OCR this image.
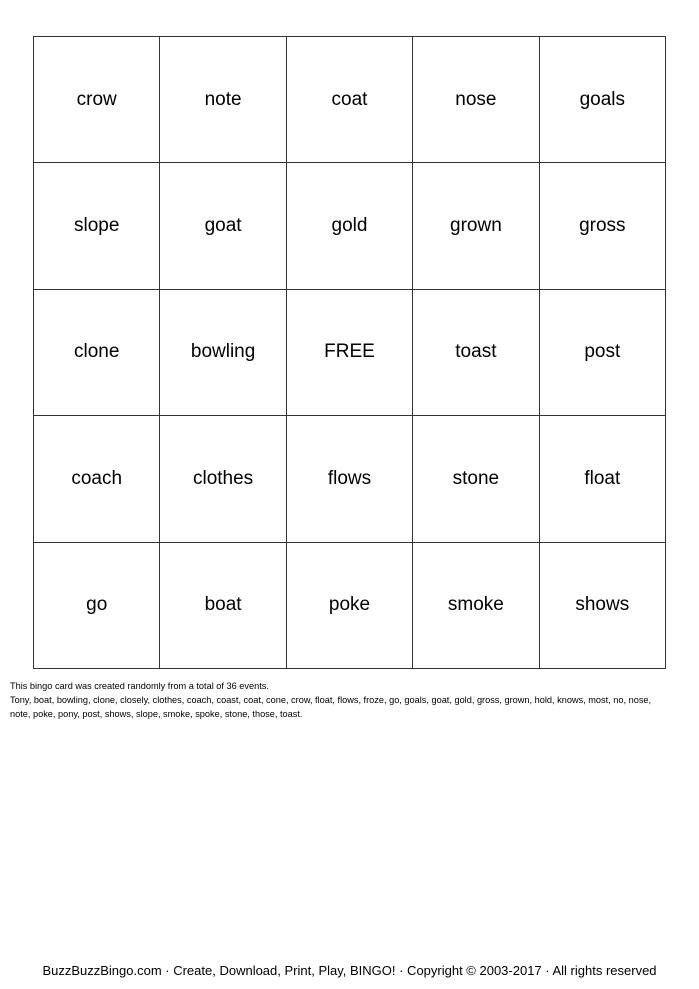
crow	note	coat	nose	goals
slope	goat	gold	grown	gross
clone	bowling	FREE	toast	post
coach	clothes	flows	stone	float
go	boat	poke	smoke	shows
This bingo card was created randomly from a total of 36 events.
Tony, boat, bowling, clone, closely, clothes, coach, coast, coat, cone, crow, float, flows, froze, go, goals, goat, gold, gross, grown, hold, knows, most, no, nose, note, poke, pony, post, shows, slope, smoke, spoke, stone, those, toast.
BuzzBuzzBingo.com · Create, Download, Print, Play, BINGO! · Copyright © 2003-2017 · All rights reserved
